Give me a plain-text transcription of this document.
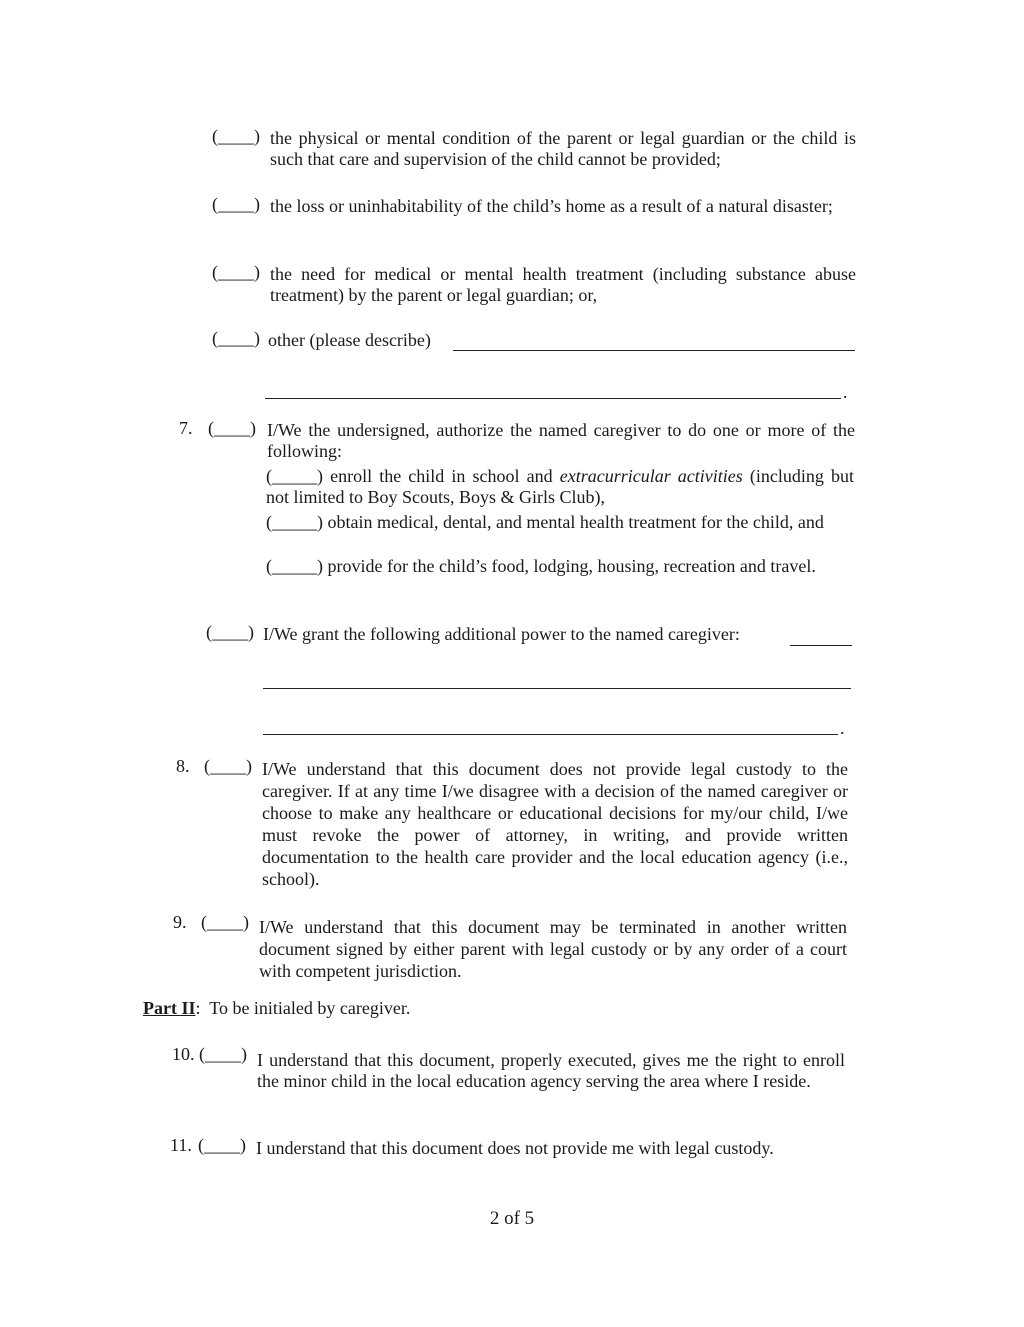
(____) the physical or mental condition of the parent or legal guardian or the child is such that care and supervision of the child cannot be provided;

(____) the loss or uninhabitability of the child’s home as a result of a natural disaster;

(____) the need for medical or mental health treatment (including substance abuse treatment) by the parent or legal guardian; or,

(____) other (please describe)
.
7. (____) I/We the undersigned, authorize the named caregiver to do one or more of the following:

(_____) enroll the child in school and extracurricular activities (including but not limited to Boy Scouts, Boys & Girls Club),

(_____) obtain medical, dental, and mental health treatment for the child, and

(_____) provide for the child’s food, lodging, housing, recreation and travel.

(____) I/We grant the following additional power to the named caregiver:
.
8. (____) I/We understand that this document does not provide legal custody to the caregiver. If at any time I/we disagree with a decision of the named caregiver or choose to make any healthcare or educational decisions for my/our child, I/we must revoke the power of attorney, in writing, and provide written documentation to the health care provider and the local education agency (i.e., school).

9. (____) I/We understand that this document may be terminated in another written document signed by either parent with legal custody or by any order of a court with competent jurisdiction.

Part II: To be initialed by caregiver.
10. (____) I understand that this document, properly executed, gives me the right to enroll the minor child in the local education agency serving the area where I reside.

11. (____) I understand that this document does not provide me with legal custody.
2 of 5
